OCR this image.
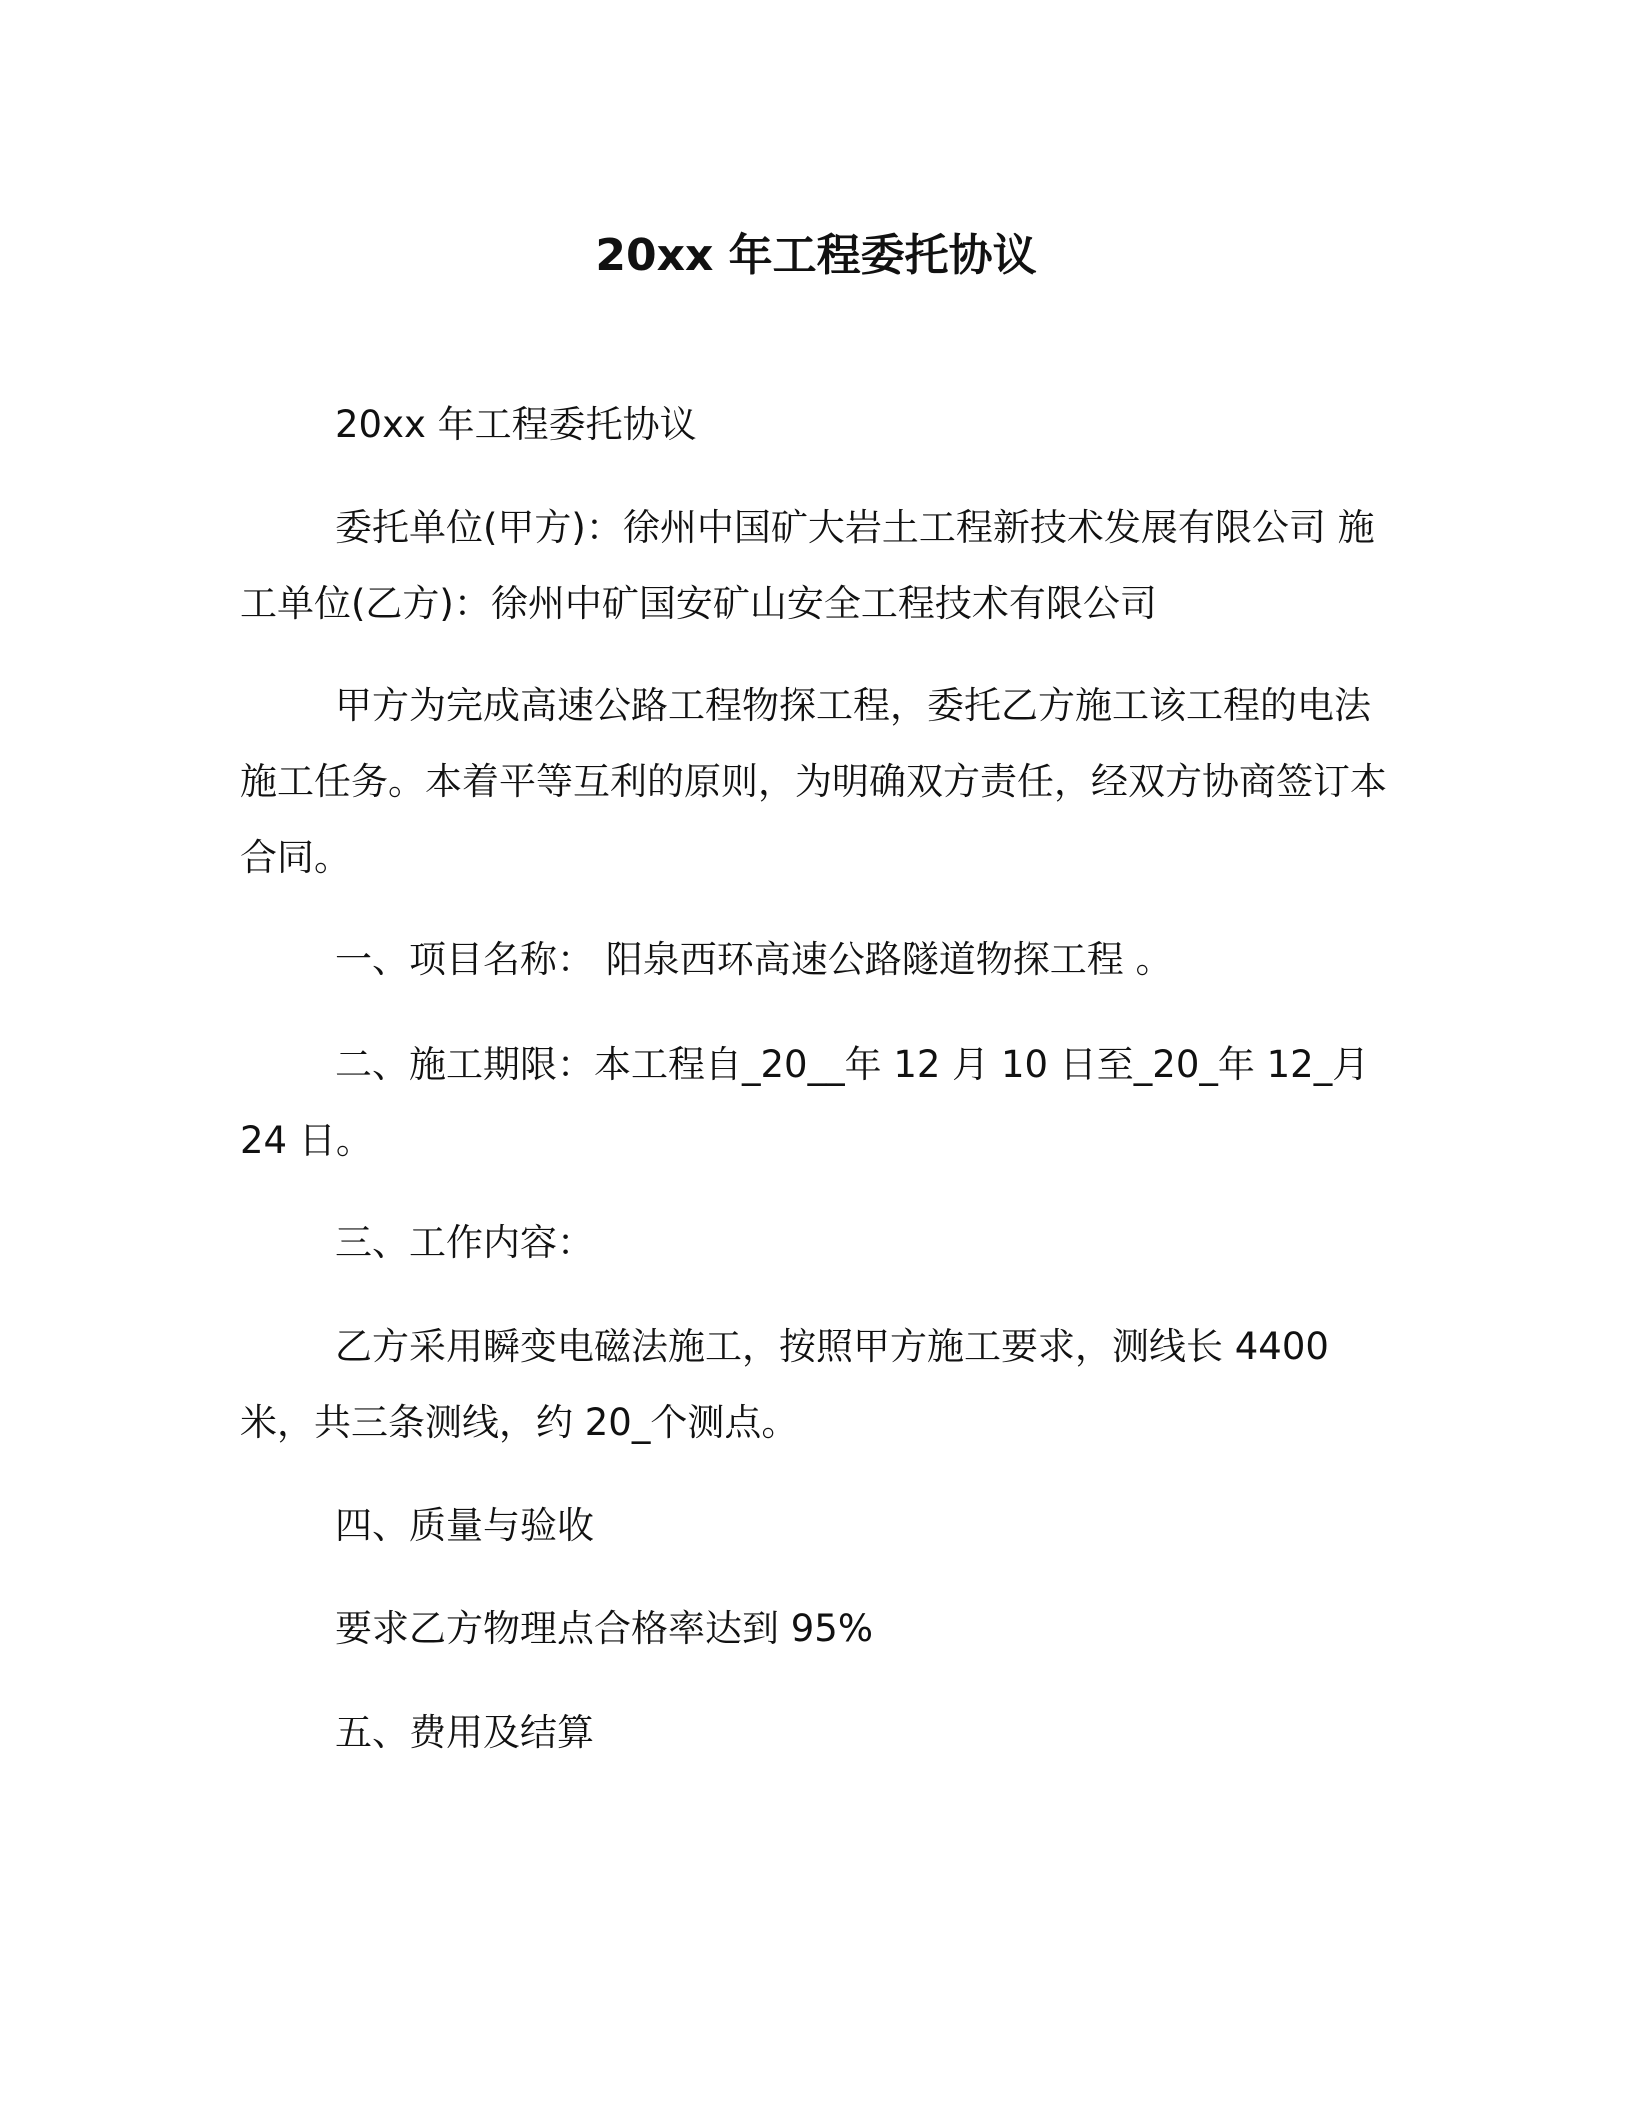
20xx 年工程委托协议

20xx 年工程委托协议

委托单位(甲方)：徐州中国矿大岩土工程新技术发展有限公司 施工单位(乙方)：徐州中矿国安矿山安全工程技术有限公司

甲方为完成高速公路工程物探工程，委托乙方施工该工程的电法施工任务。本着平等互利的原则，为明确双方责任，经双方协商签订本合同。

一、项目名称： 阳泉西环高速公路隧道物探工程 。

二、施工期限：本工程自_20__年 12 月 10 日至_20_年 12_月 24 日。

三、工作内容：

乙方采用瞬变电磁法施工，按照甲方施工要求，测线长 4400 米，共三条测线，约 20_个测点。

四、质量与验收

要求乙方物理点合格率达到 95%

五、费用及结算
